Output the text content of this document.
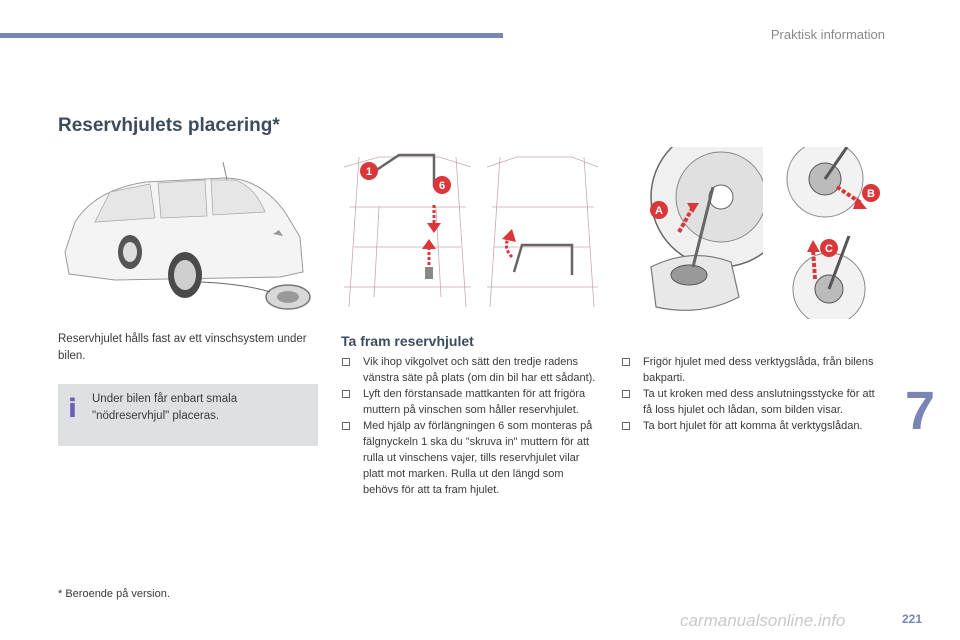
Praktisk information
Reservhjulets placering*
1
6
A
B
C

Reservhjulet hålls fast av ett vinschsystem under bilen.

i Under bilen får enbart smala "nödreservhjul" placeras.
Ta fram reservhjulet
Vik ihop vikgolvet och sätt den tredje radens vänstra säte på plats (om din bil har ett sådant).
Lyft den förstansade mattkanten för att frigöra muttern på vinschen som håller reservhjulet.
Med hjälp av förlängningen 6 som monteras på fälgnyckeln 1 ska du "skruva in" muttern för att rulla ut vinschens vajer, tills reservhjulet vilar platt mot marken. Rulla ut den längd som behövs för att ta fram hjulet.
Frigör hjulet med dess verktygslåda, från bilens bakparti.
Ta ut kroken med dess anslutningsstycke för att få loss hjulet och lådan, som bilden visar.
Ta bort hjulet för att komma åt verktygslådan.
* Beroende på version.
7
221
carmanualsonline.info
